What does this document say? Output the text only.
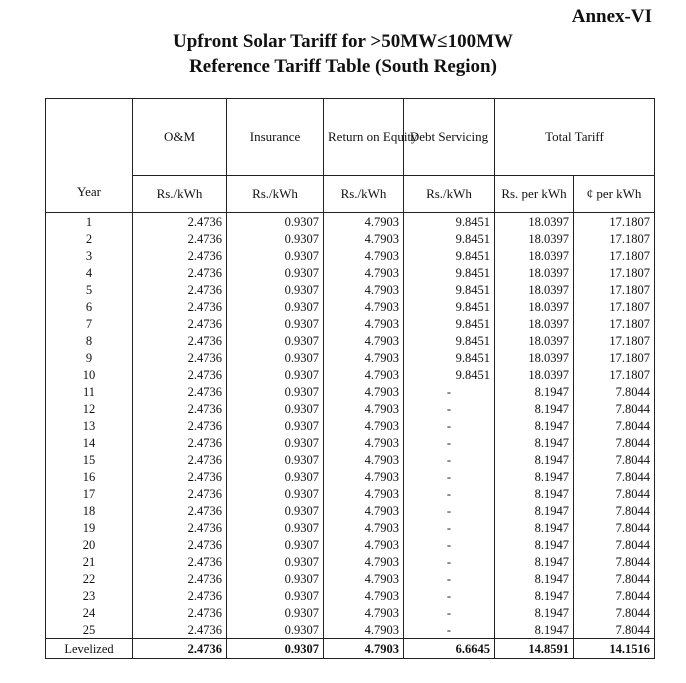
Annex-VI
Upfront Solar Tariff for >50MW≤100MW
Reference Tariff Table (South Region)
Year	O&M	Insurance	Return on Equity	Debt Servicing	Total Tariff	
	Rs./kWh	Rs./kWh	Rs./kWh	Rs./kWh	Rs. per kWh	¢ per kWh
1	2.4736	0.9307	4.7903	9.8451	18.0397	17.1807
2	2.4736	0.9307	4.7903	9.8451	18.0397	17.1807
3	2.4736	0.9307	4.7903	9.8451	18.0397	17.1807
4	2.4736	0.9307	4.7903	9.8451	18.0397	17.1807
5	2.4736	0.9307	4.7903	9.8451	18.0397	17.1807
6	2.4736	0.9307	4.7903	9.8451	18.0397	17.1807
7	2.4736	0.9307	4.7903	9.8451	18.0397	17.1807
8	2.4736	0.9307	4.7903	9.8451	18.0397	17.1807
9	2.4736	0.9307	4.7903	9.8451	18.0397	17.1807
10	2.4736	0.9307	4.7903	9.8451	18.0397	17.1807
11	2.4736	0.9307	4.7903	-	8.1947	7.8044
12	2.4736	0.9307	4.7903	-	8.1947	7.8044
13	2.4736	0.9307	4.7903	-	8.1947	7.8044
14	2.4736	0.9307	4.7903	-	8.1947	7.8044
15	2.4736	0.9307	4.7903	-	8.1947	7.8044
16	2.4736	0.9307	4.7903	-	8.1947	7.8044
17	2.4736	0.9307	4.7903	-	8.1947	7.8044
18	2.4736	0.9307	4.7903	-	8.1947	7.8044
19	2.4736	0.9307	4.7903	-	8.1947	7.8044
20	2.4736	0.9307	4.7903	-	8.1947	7.8044
21	2.4736	0.9307	4.7903	-	8.1947	7.8044
22	2.4736	0.9307	4.7903	-	8.1947	7.8044
23	2.4736	0.9307	4.7903	-	8.1947	7.8044
24	2.4736	0.9307	4.7903	-	8.1947	7.8044
25	2.4736	0.9307	4.7903	-	8.1947	7.8044
Levelized	2.4736	0.9307	4.7903	6.6645	14.8591	14.1516
